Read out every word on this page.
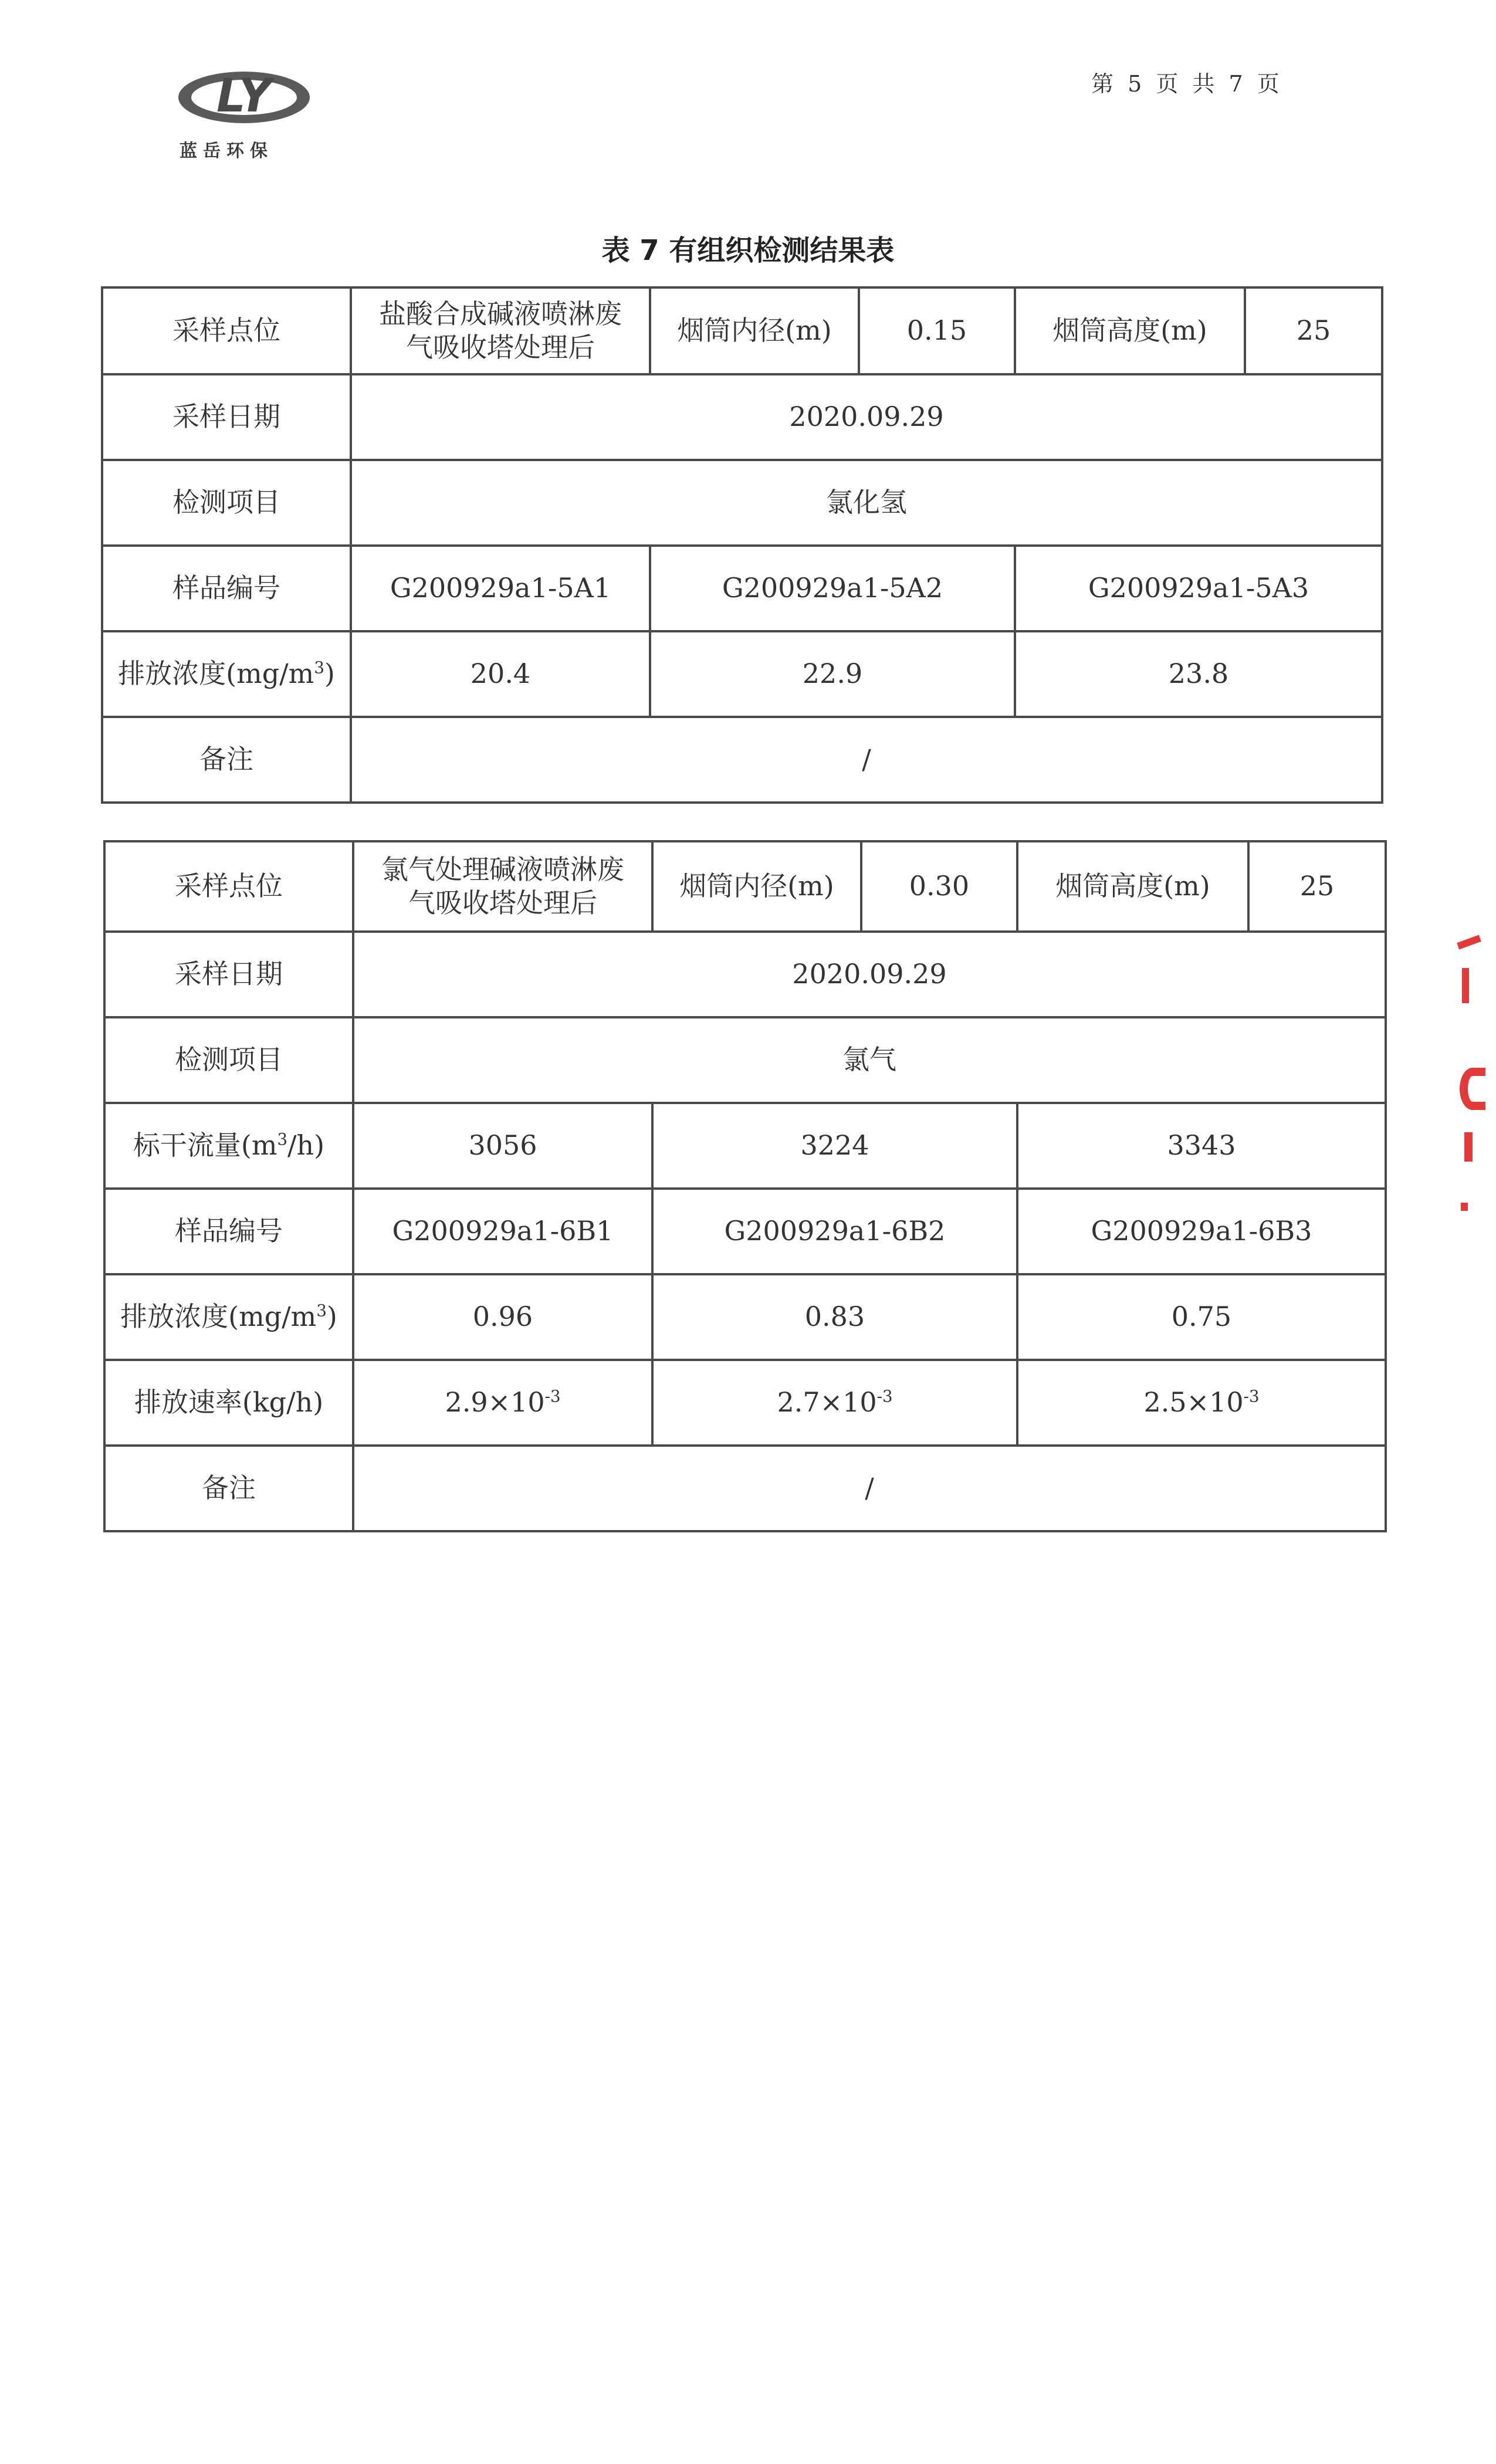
LY
蓝岳环保
第 5 页 共 7 页
表 7 有组织检测结果表
采样点位	盐酸合成碱液喷淋废气吸收塔处理后	烟筒内径(m)	0.15	烟筒高度(m)	25
采样日期	2020.09.29				
检测项目	氯化氢				
样品编号	G200929a1-5A1	G200929a1-5A2		G200929a1-5A3	
排放浓度$(mg/m^3)$	20.4	22.9		23.8	
备注	/				
采样点位	氯气处理碱液喷淋废气吸收塔处理后	烟筒内径(m)	0.30	烟筒高度(m)	25
采样日期	2020.09.29				
检测项目	氯气				
标干流量$(m^3/h)$	3056	3224		3343	
样品编号	G200929a1-6B1	G200929a1-6B2		G200929a1-6B3	
排放浓度$(mg/m^3)$	0.96	0.83		0.75	
排放速率(kg/h)	$2.9\times 10^{-3}$	$2.7\times 10^{-3}$		$2.5\times 10^{-3}$
备注	/				
